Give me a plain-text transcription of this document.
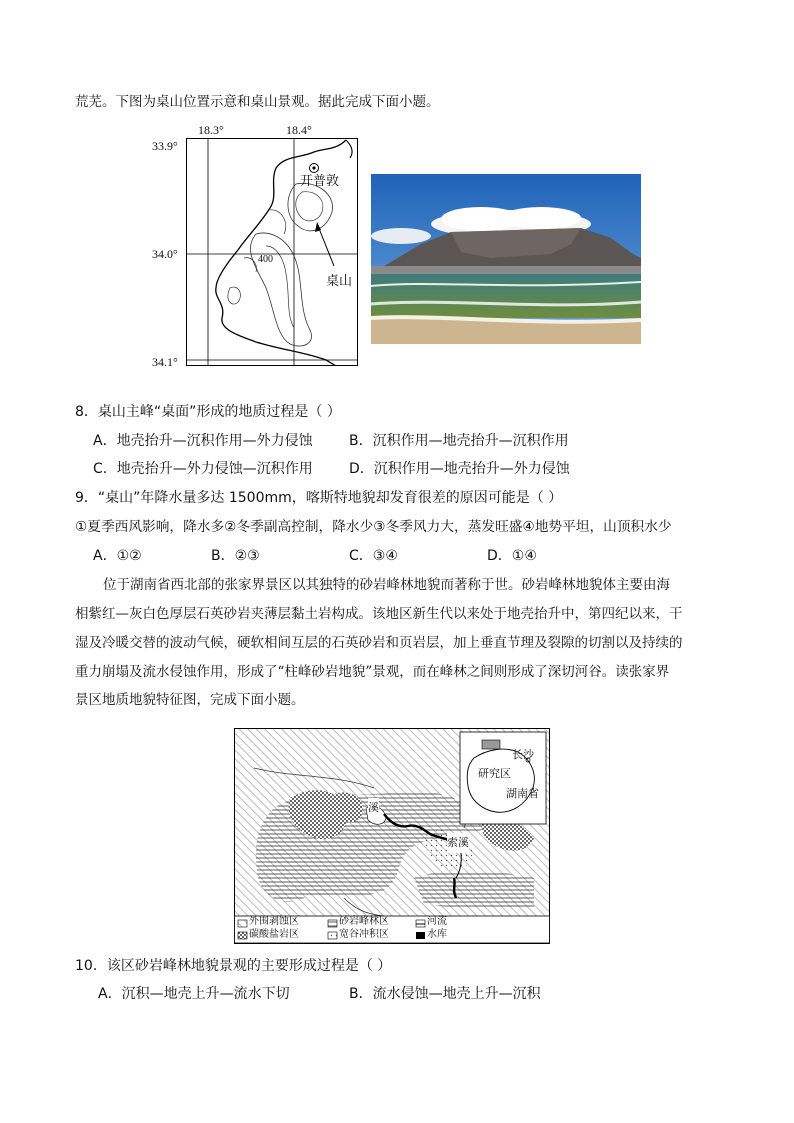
荒芜。下图为桌山位置示意和桌山景观。据此完成下面小题。
18.3°	18.4°
33.9°
34.0°
34.1°
开普敦
400
桌山
8．桌山主峰“桌面”形成的地质过程是（ ）
A．地壳抬升—沉积作用—外力侵蚀	B．沉积作用—地壳抬升—沉积作用
C．地壳抬升—外力侵蚀—沉积作用	D．沉积作用—地壳抬升—外力侵蚀
9．“桌山”年降水量多达 1500mm，喀斯特地貌却发育很差的原因可能是（ ）
①夏季西风影响，降水多②冬季副高控制，降水少③冬季风力大，蒸发旺盛④地势平坦，山顶积水少
A．①②	B．②③	C．③④	D．①④
位于湖南省西北部的张家界景区以其独特的砂岩峰林地貌而著称于世。砂岩峰林地貌体主要由海
相紫红—灰白色厚层石英砂岩夹薄层黏土岩构成。该地区新生代以来处于地壳抬升中，第四纪以来，干
湿及冷暖交替的波动气候，硬软相间互层的石英砂岩和页岩层，加上垂直节理及裂隙的切割以及持续的
重力崩塌及流水侵蚀作用，形成了“柱峰砂岩地貌”景观，而在峰林之间则形成了深切河谷。读张家界
景区地质地貌特征图，完成下面小题。
研究区
长沙
湖南省
溪
索溪
外围剥蚀区	砂岩峰林区	河流
碳酸盐岩区	宽谷冲积区	水库
10．该区砂岩峰林地貌景观的主要形成过程是（ ）
A．沉积—地壳上升—流水下切	B．流水侵蚀—地壳上升—沉积
